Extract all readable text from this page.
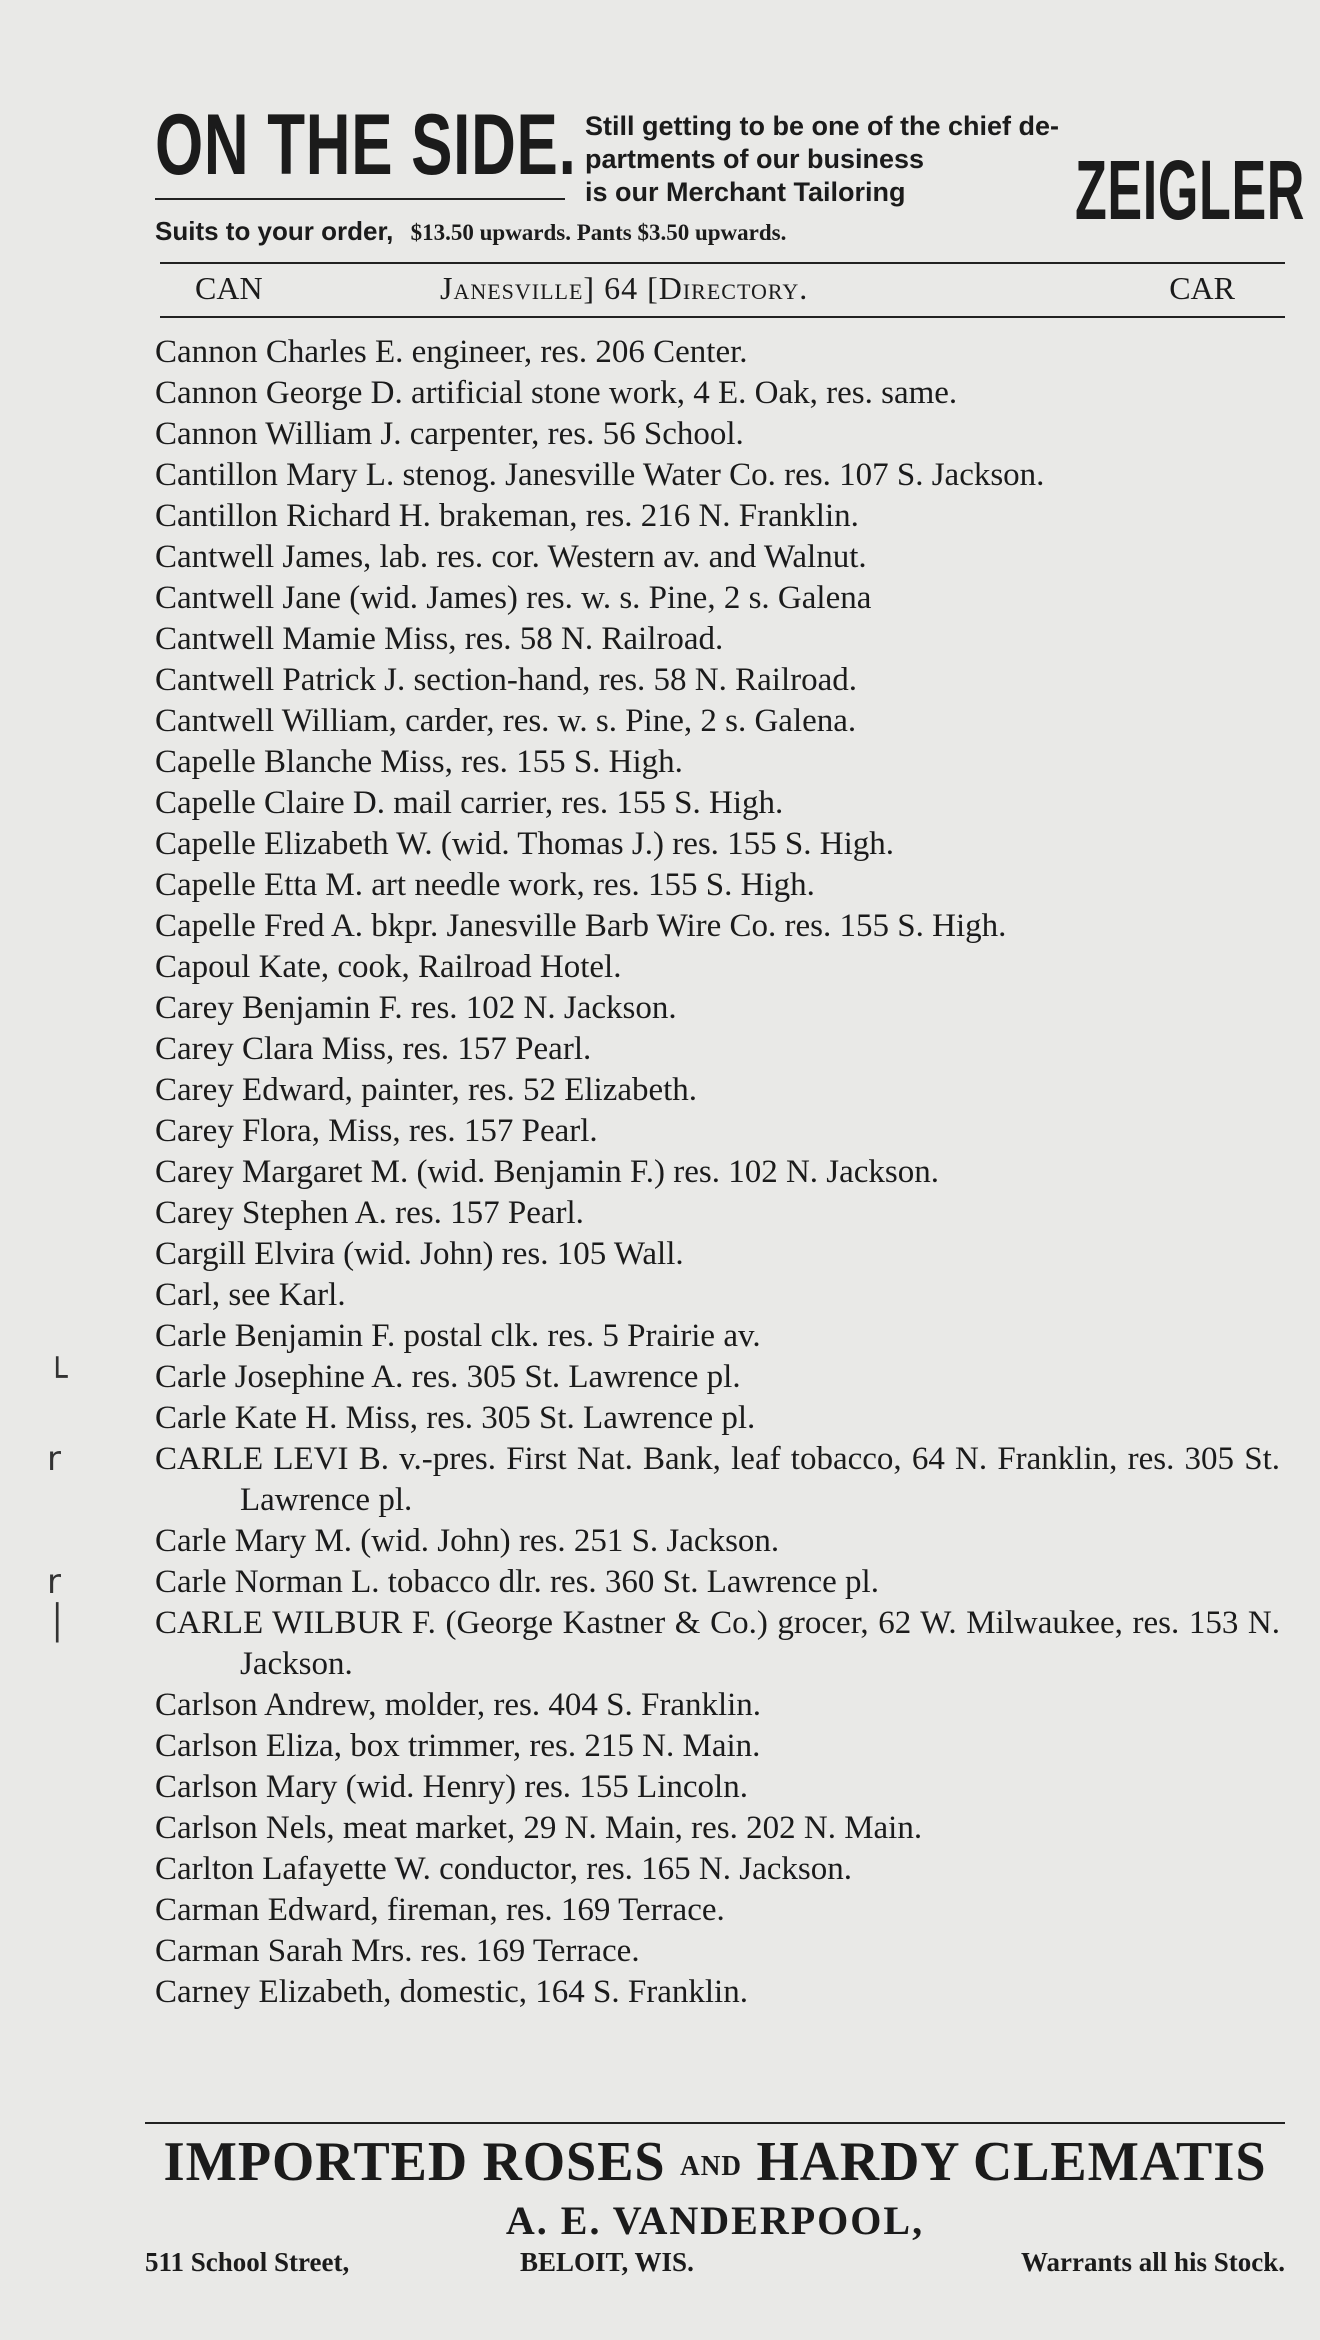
ON THE SIDE. Still getting to be one of the chief de-
partments of our business
is our Merchant Tailoring	ZEIGLER
Suits to your order, $13.50 upwards. Pants $3.50 upwards.
CAN	Janesville] 64 [Directory.	CAR
Cannon Charles E. engineer, res. 206 Center.
Cannon George D. artificial stone work, 4 E. Oak, res. same.
Cannon William J. carpenter, res. 56 School.
Cantillon Mary L. stenog. Janesville Water Co. res. 107 S. Jackson.
Cantillon Richard H. brakeman, res. 216 N. Franklin.
Cantwell James, lab. res. cor. Western av. and Walnut.
Cantwell Jane (wid. James) res. w. s. Pine, 2 s. Galena
Cantwell Mamie Miss, res. 58 N. Railroad.
Cantwell Patrick J. section-hand, res. 58 N. Railroad.
Cantwell William, carder, res. w. s. Pine, 2 s. Galena.
Capelle Blanche Miss, res. 155 S. High.
Capelle Claire D. mail carrier, res. 155 S. High.
Capelle Elizabeth W. (wid. Thomas J.) res. 155 S. High.
Capelle Etta M. art needle work, res. 155 S. High.
Capelle Fred A. bkpr. Janesville Barb Wire Co. res. 155 S. High.
Capoul Kate, cook, Railroad Hotel.
Carey Benjamin F. res. 102 N. Jackson.
Carey Clara Miss, res. 157 Pearl.
Carey Edward, painter, res. 52 Elizabeth.
Carey Flora, Miss, res. 157 Pearl.
Carey Margaret M. (wid. Benjamin F.) res. 102 N. Jackson.
Carey Stephen A. res. 157 Pearl.
Cargill Elvira (wid. John) res. 105 Wall.
Carl, see Karl.
Carle Benjamin F. postal clk. res. 5 Prairie av.
└	Carle Josephine A. res. 305 St. Lawrence pl.
Carle Kate H. Miss, res. 305 St. Lawrence pl.
r	CARLE LEVI B. v.-pres. First Nat. Bank, leaf tobacco, 64 N. Franklin, res. 305 St. Lawrence pl.
Carle Mary M. (wid. John) res. 251 S. Jackson.
r	Carle Norman L. tobacco dlr. res. 360 St. Lawrence pl.
│	CARLE WILBUR F. (George Kastner & Co.) grocer, 62 W. Milwaukee, res. 153 N. Jackson.
Carlson Andrew, molder, res. 404 S. Franklin.
Carlson Eliza, box trimmer, res. 215 N. Main.
Carlson Mary (wid. Henry) res. 155 Lincoln.
Carlson Nels, meat market, 29 N. Main, res. 202 N. Main.
Carlton Lafayette W. conductor, res. 165 N. Jackson.
Carman Edward, fireman, res. 169 Terrace.
Carman Sarah Mrs. res. 169 Terrace.
Carney Elizabeth, domestic, 164 S. Franklin.
IMPORTED ROSES AND HARDY CLEMATIS
A. E. VANDERPOOL,
511 School Street,	BELOIT, WIS.	Warrants all his Stock.
